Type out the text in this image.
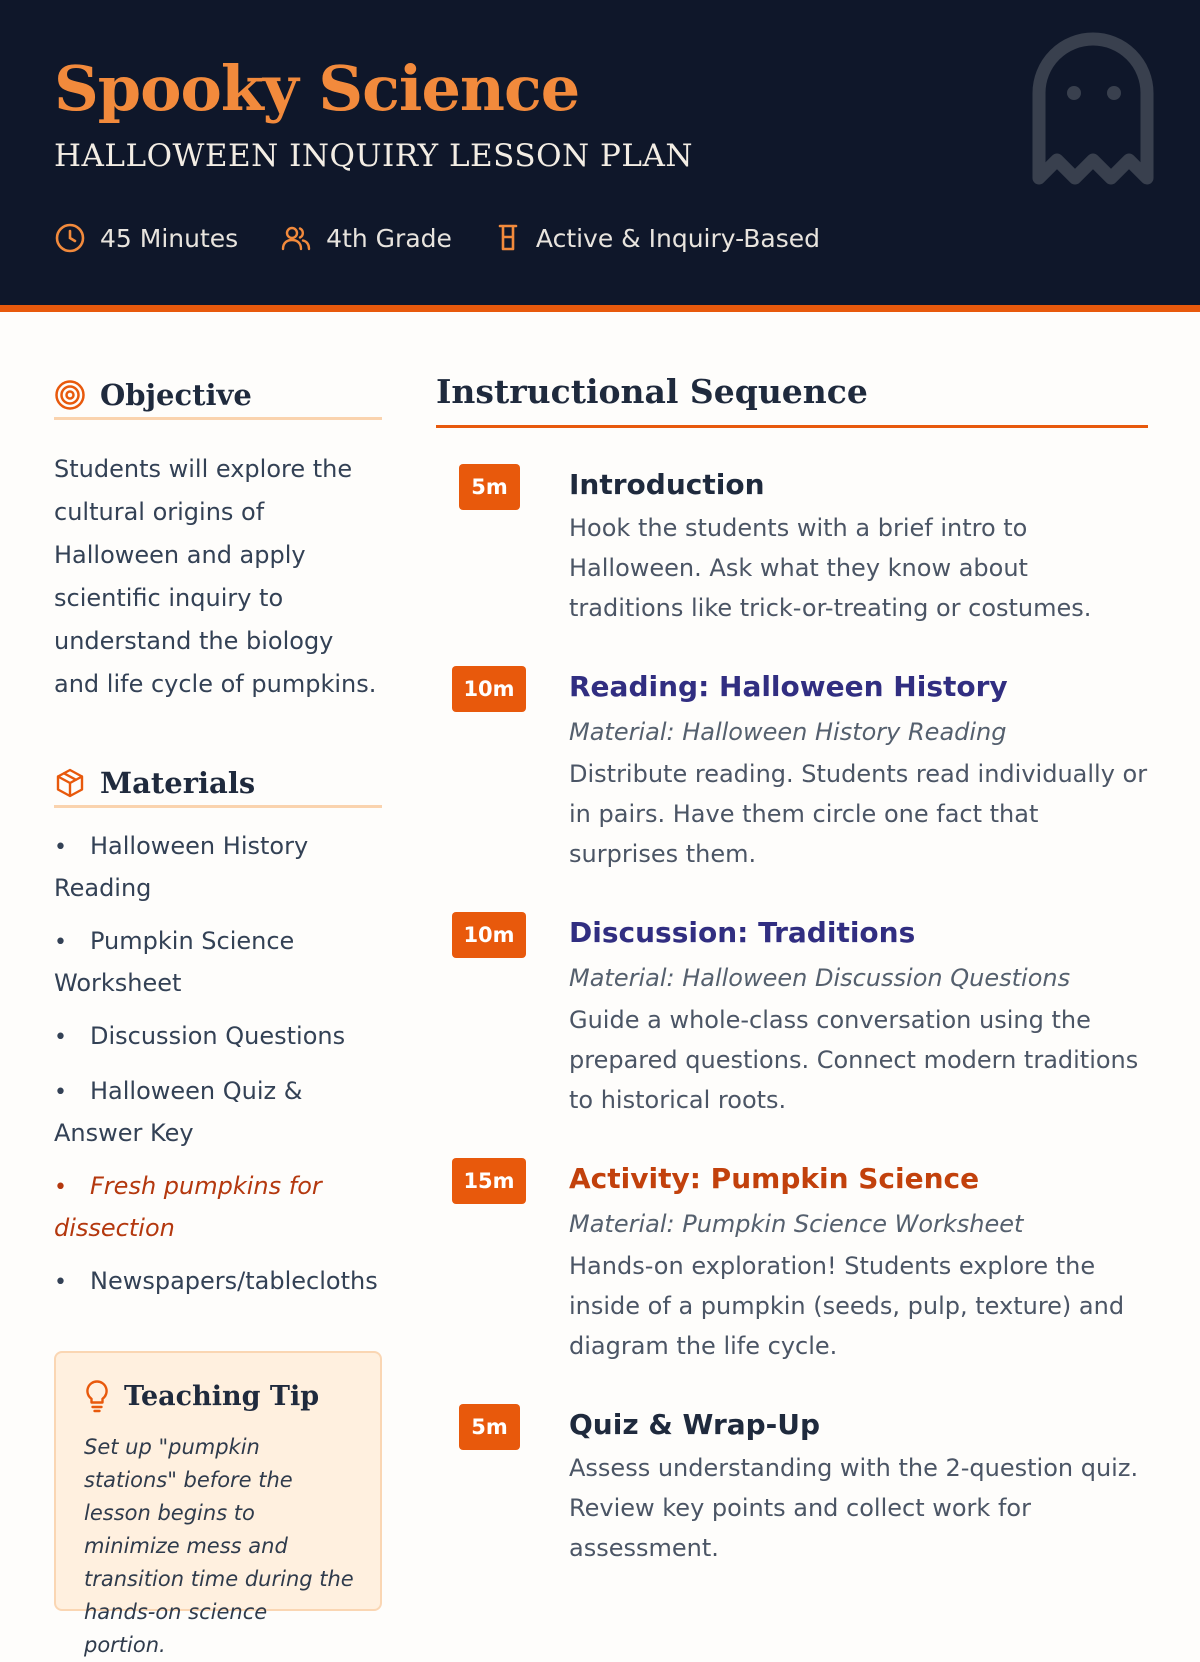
Spooky Science
HALLOWEEN INQUIRY LESSON PLAN
45 Minutes	4th Grade	Active & Inquiry-Based
Objective

Students will explore the cultural origins of Halloween and apply scientific inquiry to understand the biology and life cycle of pumpkins.

Materials
• Halloween History Reading
• Pumpkin Science Worksheet
• Discussion Questions
• Halloween Quiz & Answer Key
• Fresh pumpkins for dissection
• Newspapers/tablecloths
Teaching Tip

Set up "pumpkin stations" before the lesson begins to minimize mess and transition time during the hands-on science portion.

Instructional Sequence
5m	Introduction
Hook the students with a brief intro to Halloween. Ask what they know about traditions like trick-or-treating or costumes.
10m	Reading: Halloween History
Material: Halloween History Reading
Distribute reading. Students read individually or in pairs. Have them circle one fact that surprises them.
10m	Discussion: Traditions
Material: Halloween Discussion Questions
Guide a whole-class conversation using the prepared questions. Connect modern traditions to historical roots.
15m	Activity: Pumpkin Science
Material: Pumpkin Science Worksheet
Hands-on exploration! Students explore the inside of a pumpkin (seeds, pulp, texture) and diagram the life cycle.
5m	Quiz & Wrap-Up
Assess understanding with the 2-question quiz. Review key points and collect work for assessment.
